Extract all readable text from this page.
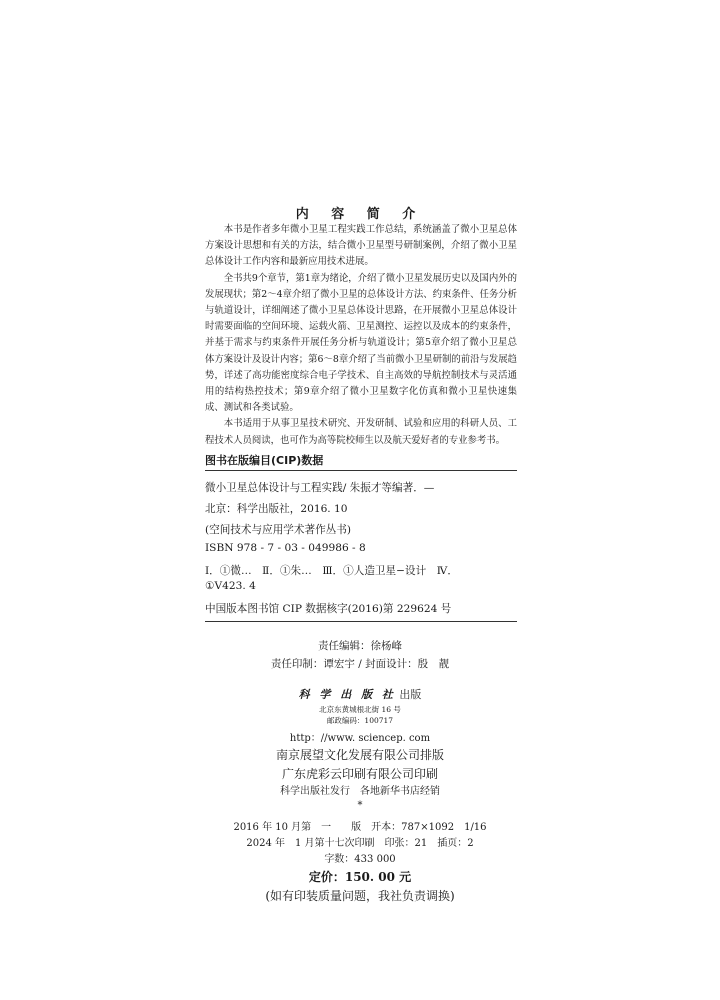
内 容 简 介

本书是作者多年微小卫星工程实践工作总结，系统涵盖了微小卫星总体方案设计思想和有关的方法，结合微小卫星型号研制案例，介绍了微小卫星总体设计工作内容和最新应用技术进展。

全书共9个章节，第1章为绪论，介绍了微小卫星发展历史以及国内外的发展现状；第2～4章介绍了微小卫星的总体设计方法、约束条件、任务分析与轨道设计，详细阐述了微小卫星总体设计思路，在开展微小卫星总体设计时需要面临的空间环境、运载火箭、卫星测控、运控以及成本的约束条件，并基于需求与约束条件开展任务分析与轨道设计；第5章介绍了微小卫星总体方案设计及设计内容；第6～8章介绍了当前微小卫星研制的前沿与发展趋势，详述了高功能密度综合电子学技术、自主高效的导航控制技术与灵活通用的结构热控技术；第9章介绍了微小卫星数字化仿真和微小卫星快速集成、测试和各类试验。

本书适用于从事卫星技术研究、开发研制、试验和应用的科研人员、工程技术人员阅读，也可作为高等院校师生以及航天爱好者的专业参考书。

图书在版编目(CIP)数据
微小卫星总体设计与工程实践/ 朱振才等编著．—
北京：科学出版社，2016. 10
(空间技术与应用学术著作丛书)
ISBN 978 - 7 - 03 - 049986 - 8
Ⅰ．①微…　Ⅱ．①朱…　Ⅲ．①人造卫星−设计　Ⅳ．
①V423. 4
中国版本图书馆 CIP 数据核字(2016)第 229624 号
责任编辑：徐杨峰
责任印制：谭宏宇 / 封面设计：殷　靓
科 学 出 版 社 出版
北京东黄城根北街 16 号
邮政编码：100717
http：//www. sciencep. com
南京展望文化发展有限公司排版
广东虎彩云印刷有限公司印刷
科学出版社发行　各地新华书店经销
*
2016 年 10 月第　一　　版　开本：787×1092　1/16
2024 年　1 月第十七次印刷　印张：21　插页：2
字数：433 000
定价：150. 00 元
(如有印装质量问题，我社负责调换)
